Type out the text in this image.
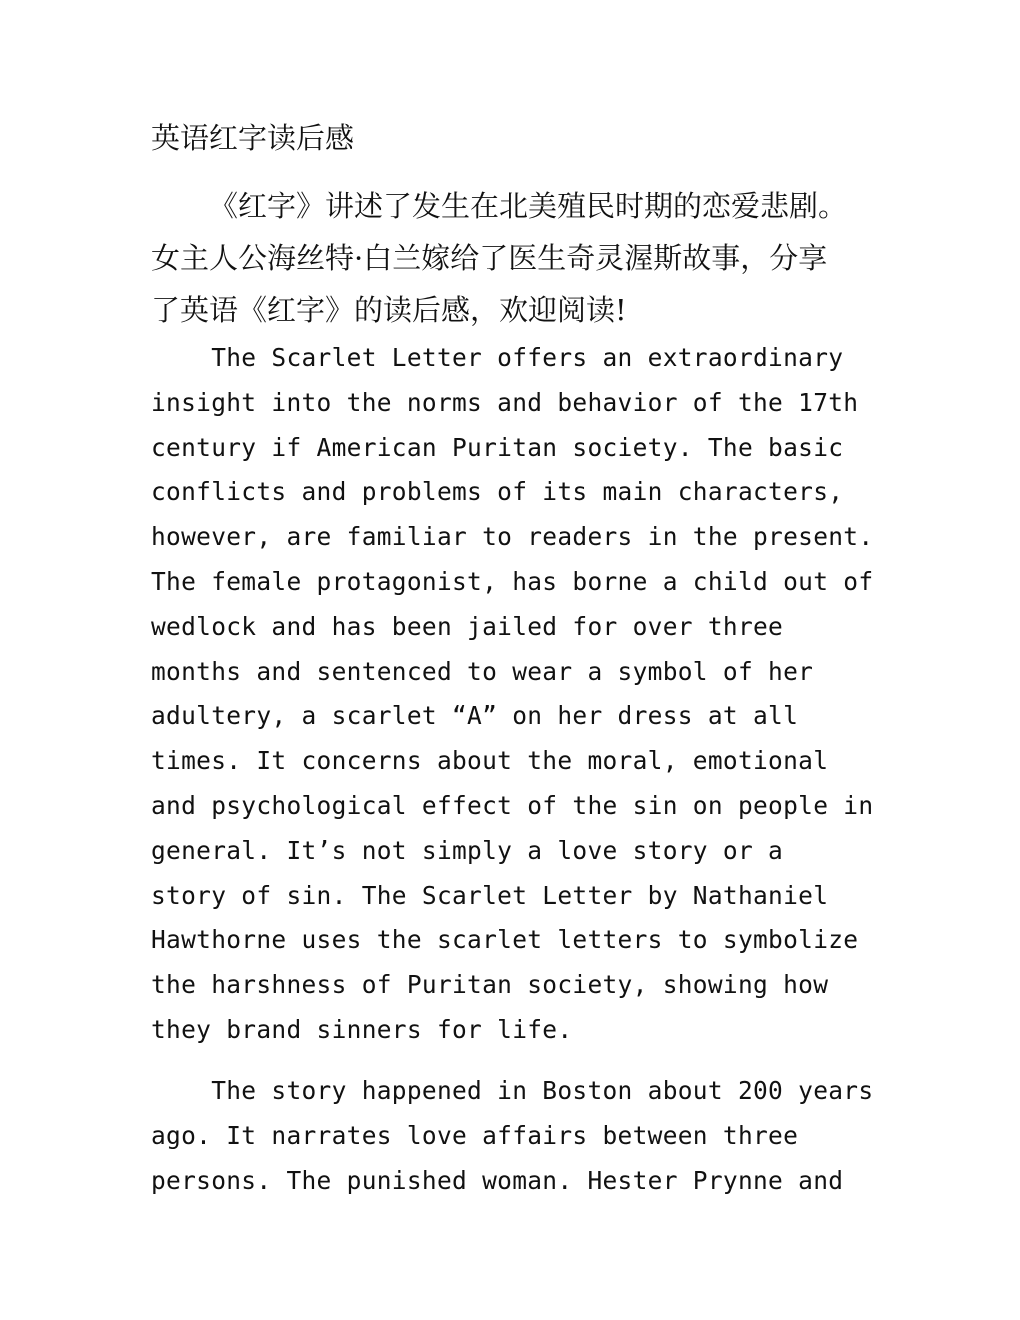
英语红字读后感

《红字》讲述了发生在北美殖民时期的恋爱悲剧。
女主人公海丝特·白兰嫁给了医生奇灵渥斯故事，分享
了英语《红字》的读后感，欢迎阅读!

The Scarlet Letter offers an extraordinary
insight into the norms and behavior of the 17th
century if American Puritan society. The basic
conflicts and problems of its main characters,
however, are familiar to readers in the present.
The female protagonist, has borne a child out of
wedlock and has been jailed for over three
months and sentenced to wear a symbol of her
adultery, a scarlet “A” on her dress at all
times. It concerns about the moral, emotional
and psychological effect of the sin on people in
general. It’s not simply a love story or a
story of sin. The Scarlet Letter by Nathaniel
Hawthorne uses the scarlet letters to symbolize
the harshness of Puritan society, showing how
they brand sinners for life.

The story happened in Boston about 200 years
ago. It narrates love affairs between three
persons. The punished woman. Hester Prynne and
